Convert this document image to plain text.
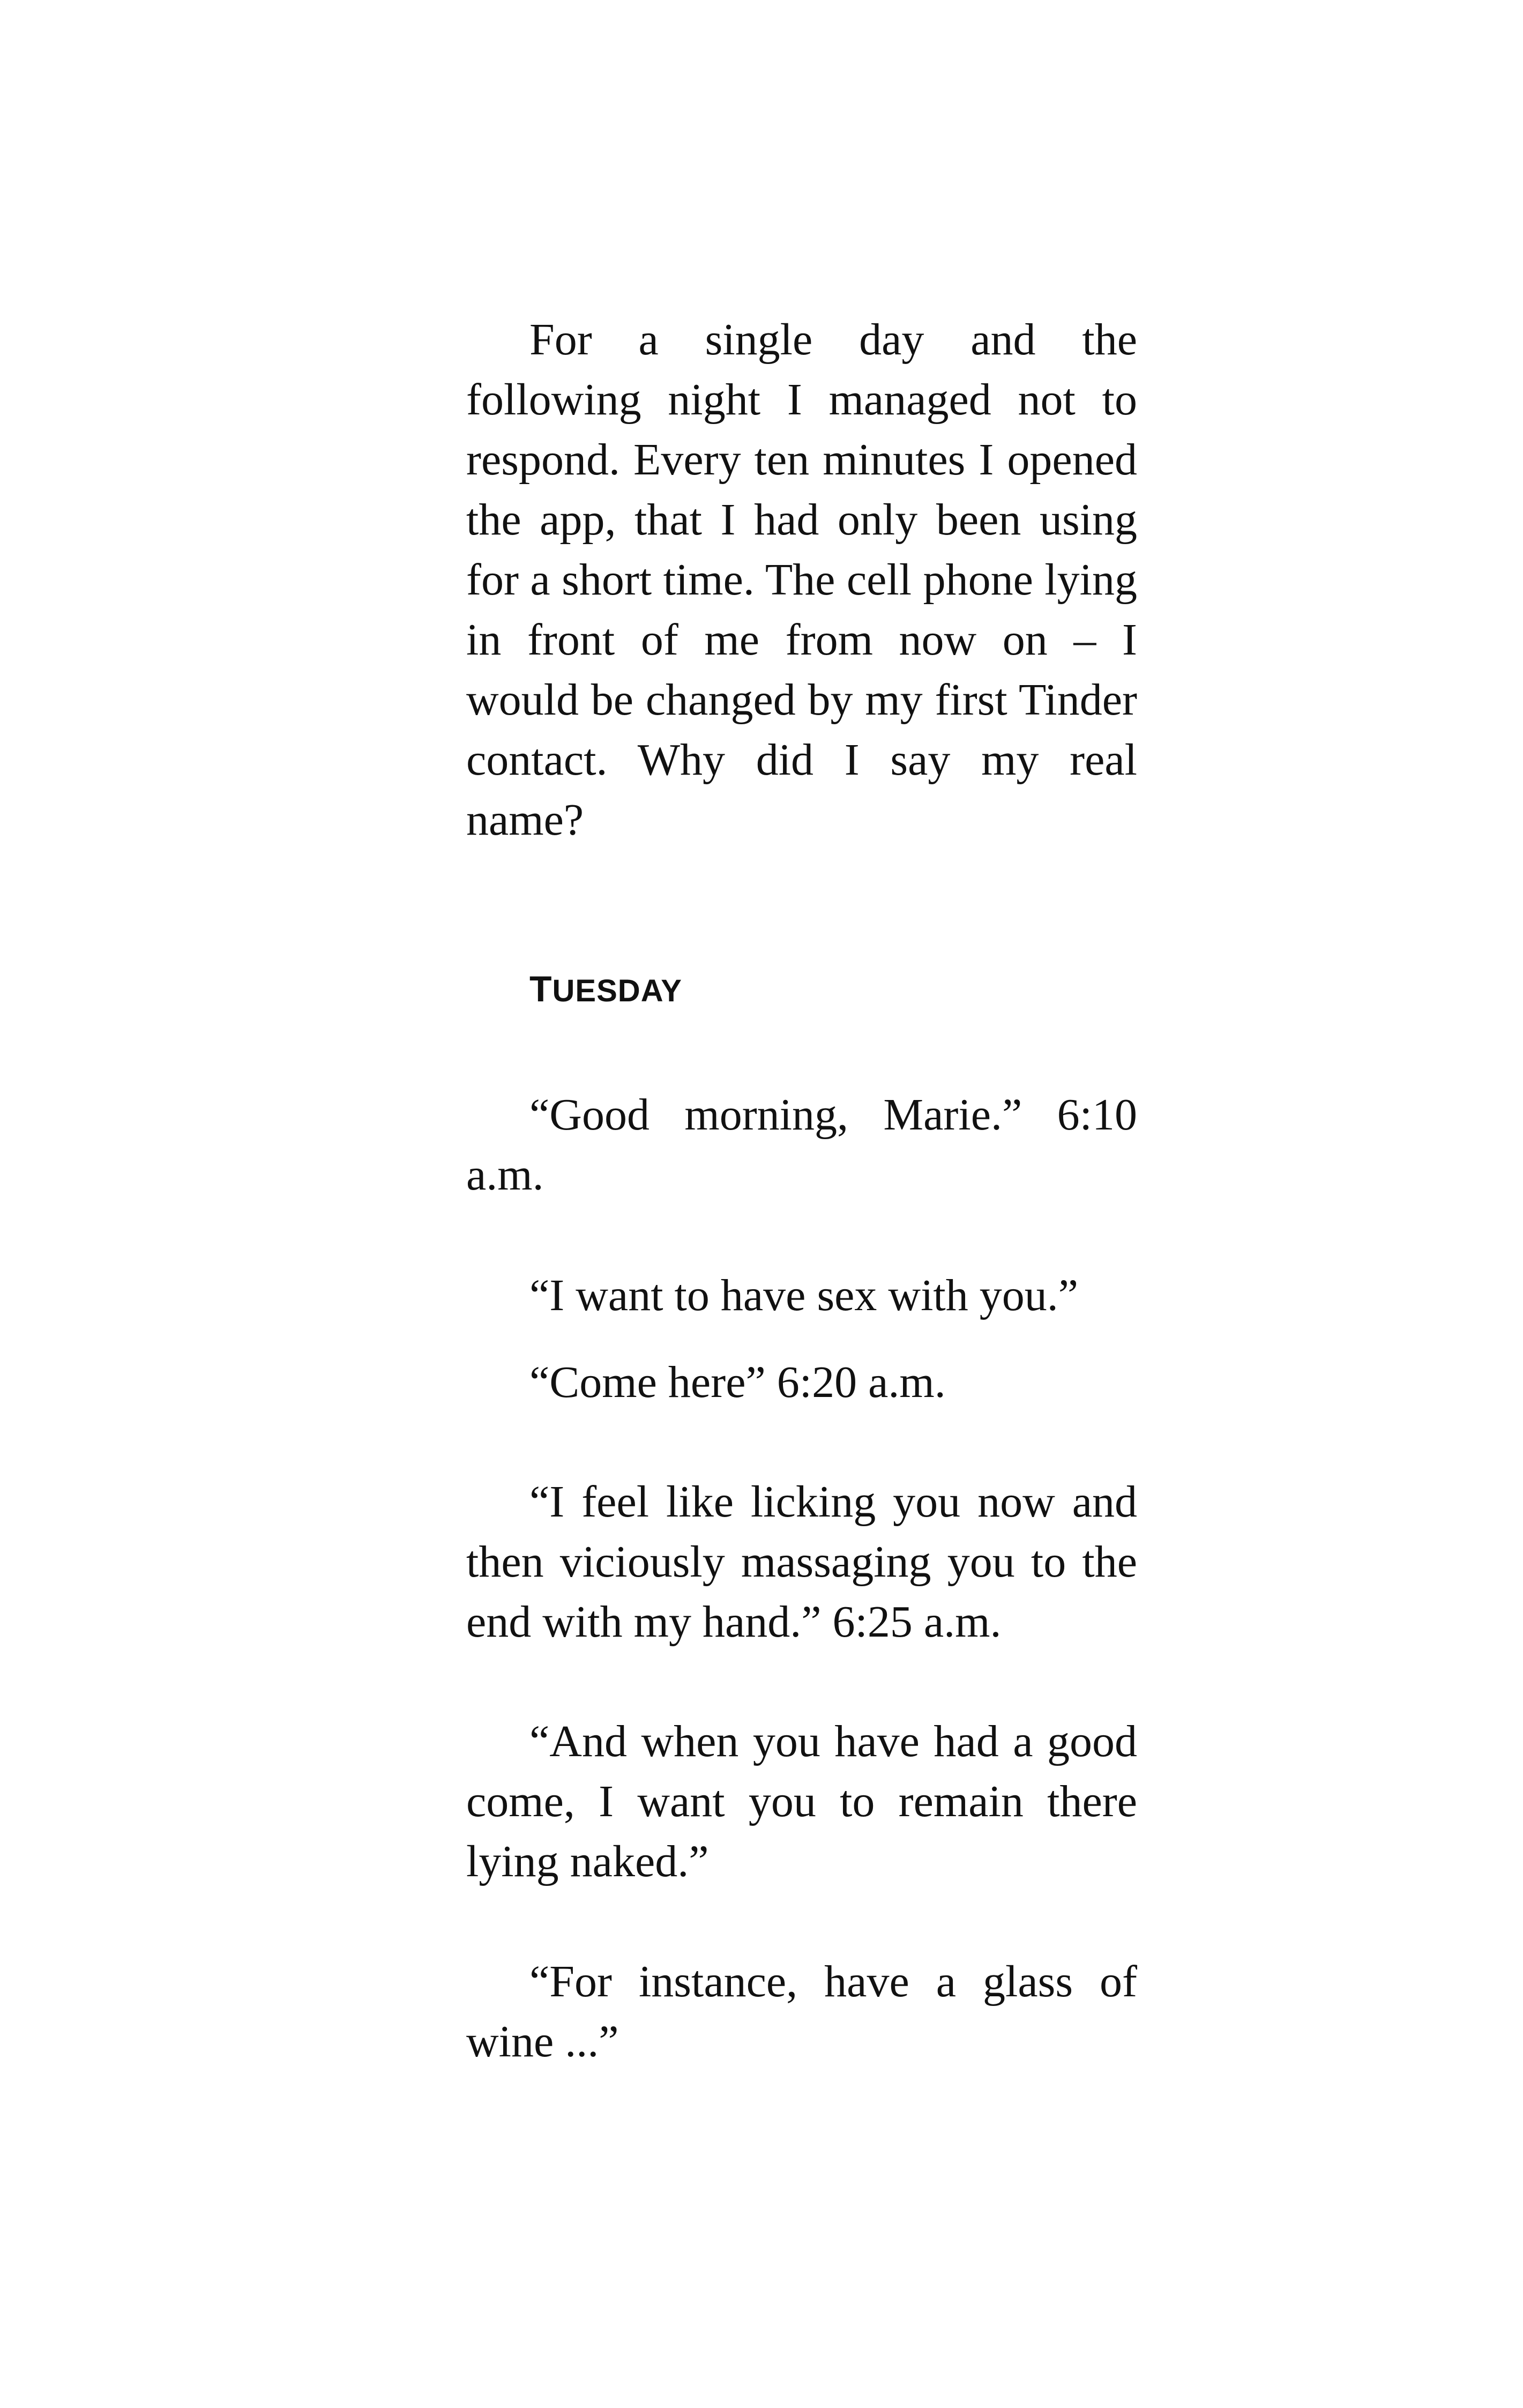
For a single day and the following night I managed not to respond. Every ten minutes I opened the app, that I had only been using for a short time. The cell phone lying in front of me from now on – I would be changed by my first Tinder contact. Why did I say my real name?

TUESDAY

“Good morning, Marie.” 6:10 a.m.

“I want to have sex with you.”

“Come here” 6:20 a.m.

“I feel like licking you now and then viciously massaging you to the end with my hand.” 6:25 a.m.

“And when you have had a good come, I want you to remain there lying naked.”

“For instance, have a glass of wine ...”
